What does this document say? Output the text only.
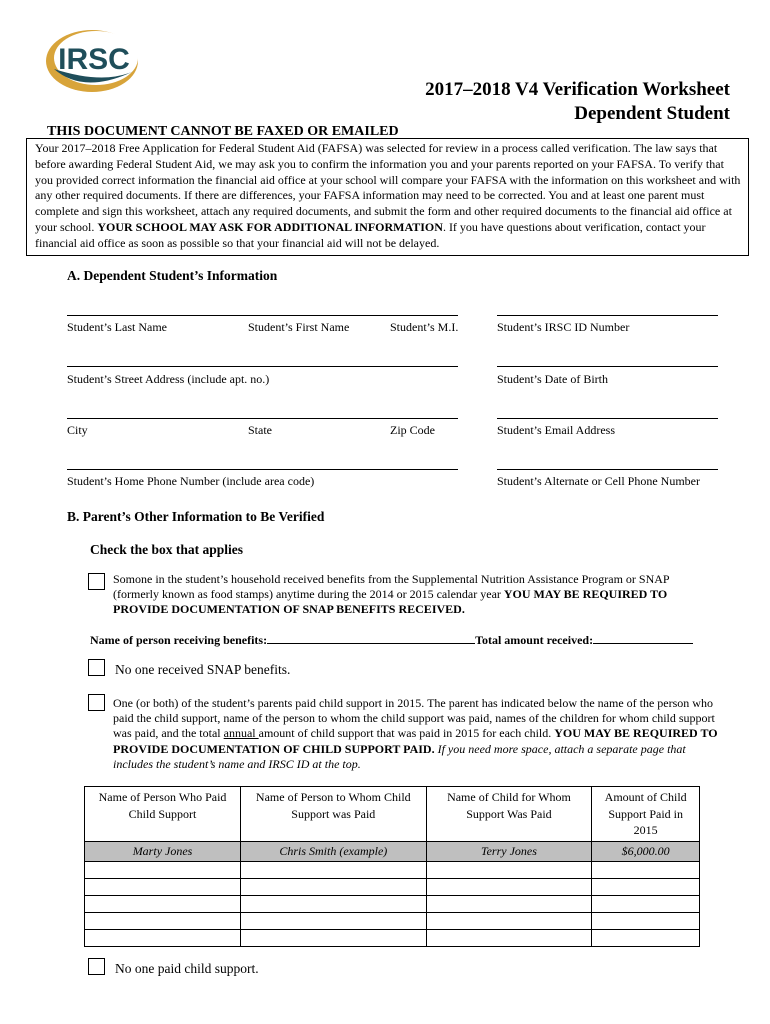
IRSC
2017–2018 V4 Verification Worksheet
Dependent Student
THIS DOCUMENT CANNOT BE FAXED OR EMAILED
Your 2017–2018 Free Application for Federal Student Aid (FAFSA) was selected for review in a process called verification. The law says that before awarding Federal Student Aid, we may ask you to confirm the information you and your parents reported on your FAFSA. To verify that you provided correct information the financial aid office at your school will compare your FAFSA with the information on this worksheet and with any other required documents. If there are differences, your FAFSA information may need to be corrected. You and at least one parent must complete and sign this worksheet, attach any required documents, and submit the form and other required documents to the financial aid office at your school. YOUR SCHOOL MAY ASK FOR ADDITIONAL INFORMATION. If you have questions about verification, contact your financial aid office as soon as possible so that your financial aid will not be delayed.
A. Dependent Student’s Information
Student’s Last Name	Student’s First Name	Student’s M.I.	Student’s IRSC ID Number
Student’s Street Address (include apt. no.)	Student’s Date of Birth
City	State	Zip Code	Student’s Email Address
Student’s Home Phone Number (include area code)	Student’s Alternate or Cell Phone Number
B. Parent’s Other Information to Be Verified
Check the box that applies
Somone in the student’s household received benefits from the Supplemental Nutrition Assistance Program or SNAP (formerly known as food stamps) anytime during the 2014 or 2015 calendar year YOU MAY BE REQUIRED TO PROVIDE DOCUMENTATION OF SNAP BENEFITS RECEIVED.
Name of person receiving benefits:	Total amount received:
No one received SNAP benefits.
One (or both) of the student’s parents paid child support in 2015. The parent has indicated below the name of the person who paid the child support, name of the person to whom the child support was paid, names of the children for whom child support was paid, and the total annual amount of child support that was paid in 2015 for each child. YOU MAY BE REQUIRED TO PROVIDE DOCUMENTATION OF CHILD SUPPORT PAID. If you need more space, attach a separate page that includes the student’s name and IRSC ID at the top.
Name of Person Who Paid Child Support	Name of Person to Whom Child Support was Paid	Name of Child for Whom Support Was Paid	Amount of Child Support Paid in 2015
Marty Jones	Chris Smith (example)	Terry Jones	$6,000.00

No one paid child support.
